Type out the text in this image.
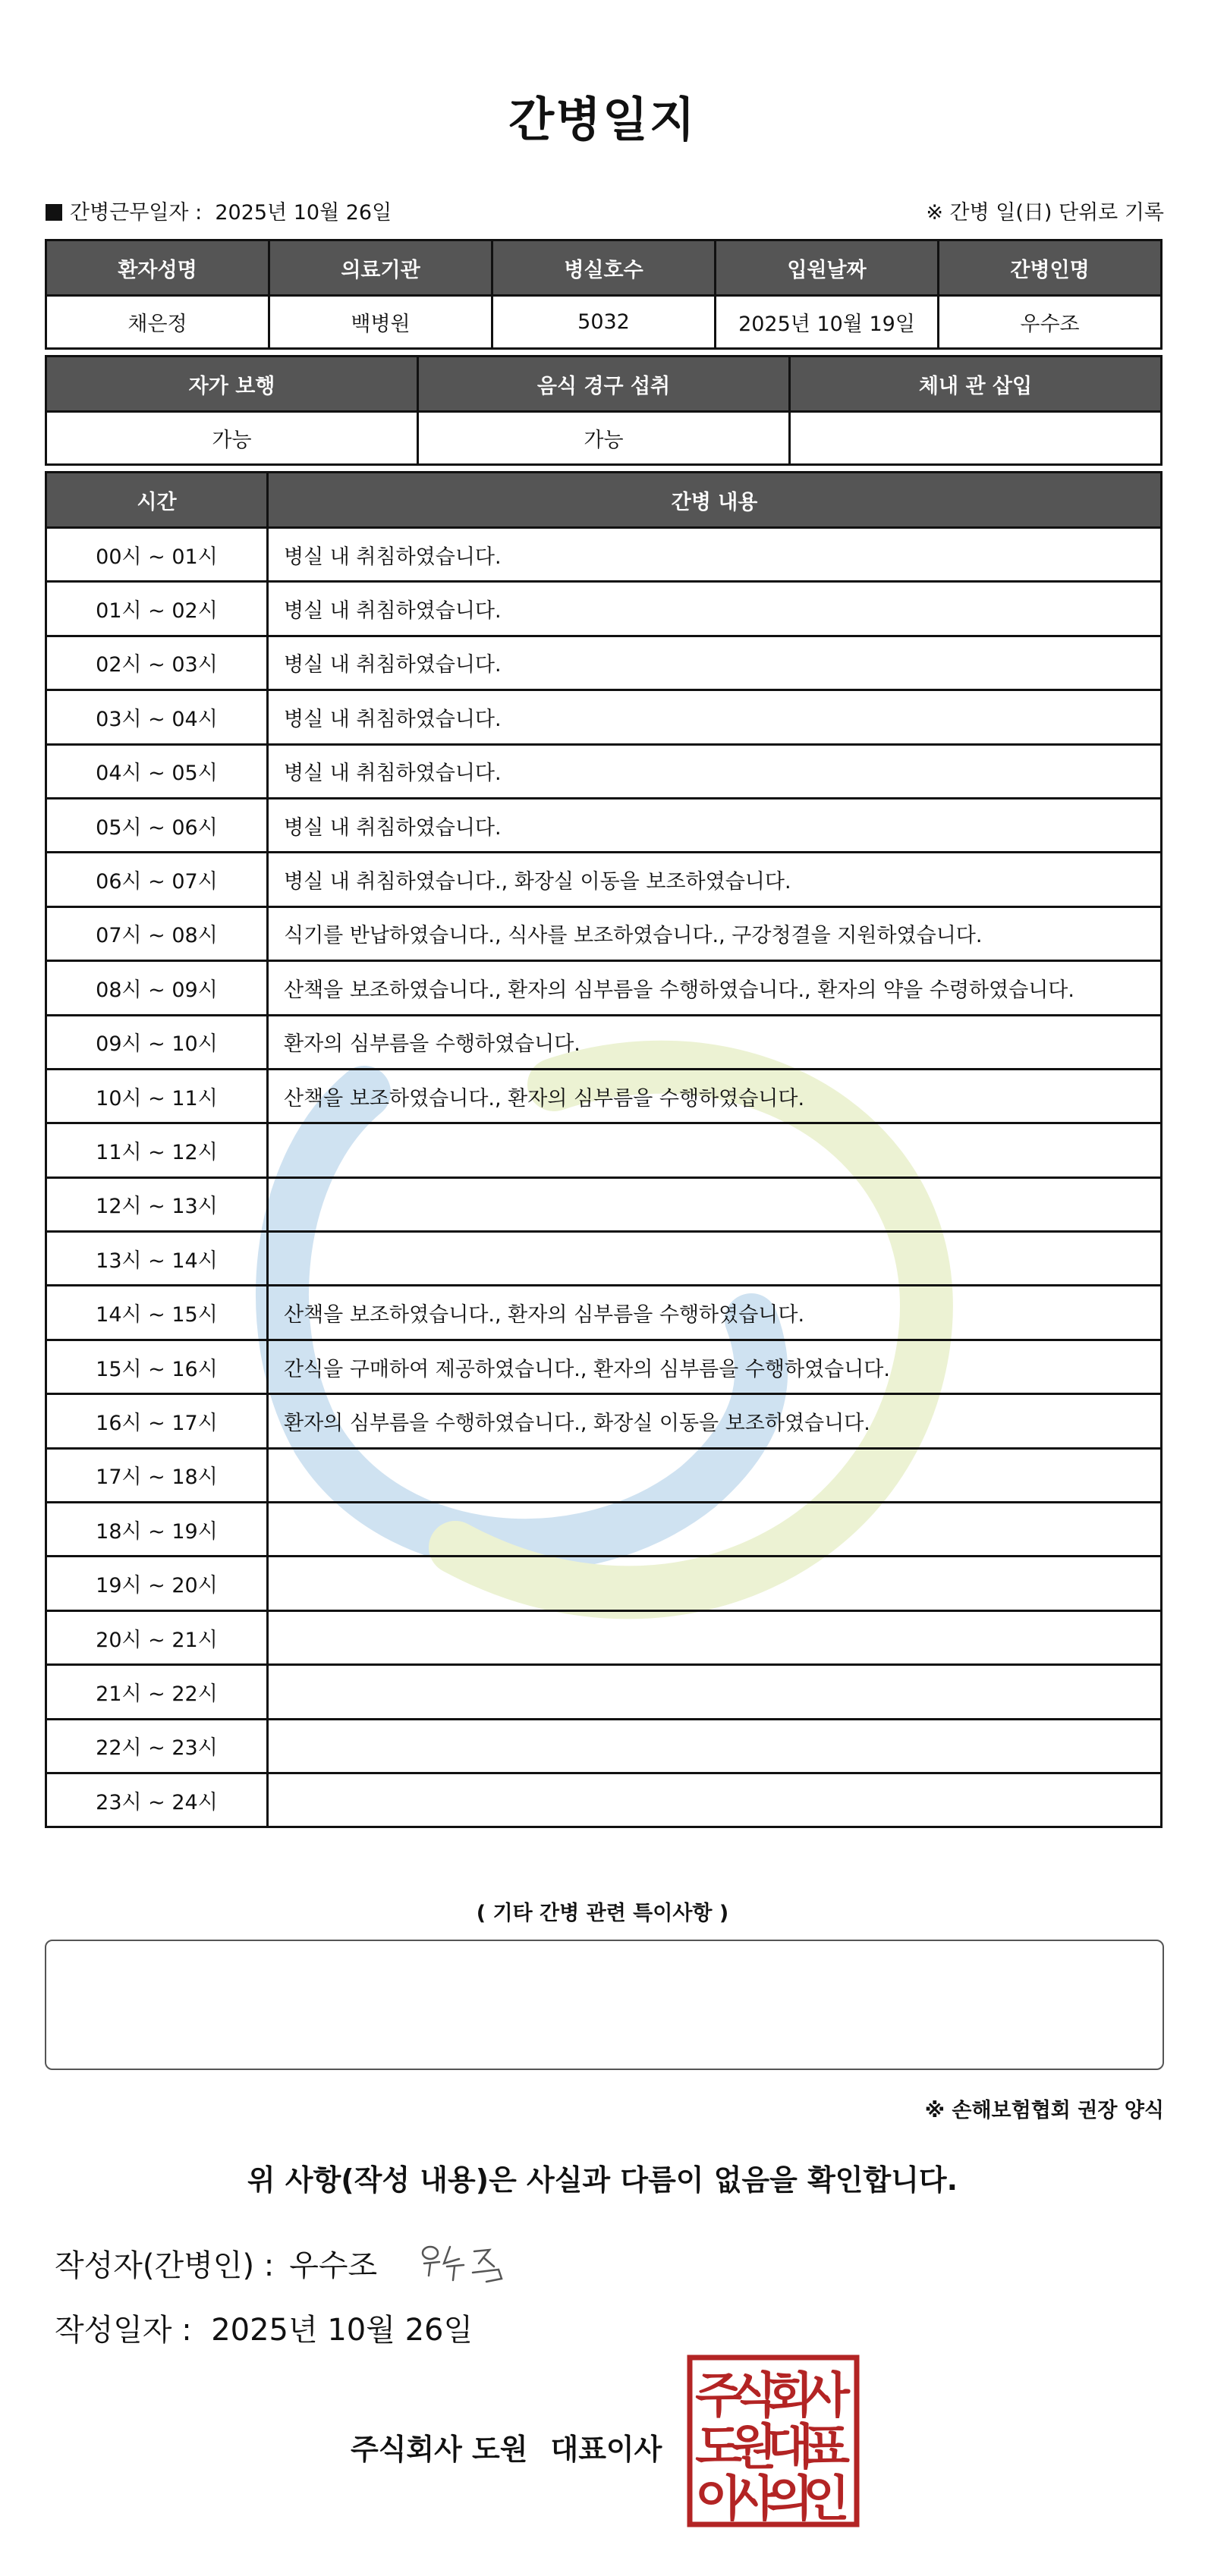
간병일지
간병근무일자 : 2025년 10월 26일	※ 간병 일(日) 단위로 기록
환자성명	의료기관	병실호수	입원날짜	간병인명
채은정	백병원	5032	2025년 10월 19일	우수조
자가 보행	음식 경구 섭취	체내 관 삽입
가능	가능	
시간	간병 내용
00시 ~ 01시	병실 내 취침하였습니다.
01시 ~ 02시	병실 내 취침하였습니다.
02시 ~ 03시	병실 내 취침하였습니다.
03시 ~ 04시	병실 내 취침하였습니다.
04시 ~ 05시	병실 내 취침하였습니다.
05시 ~ 06시	병실 내 취침하였습니다.
06시 ~ 07시	병실 내 취침하였습니다., 화장실 이동을 보조하였습니다.
07시 ~ 08시	식기를 반납하였습니다., 식사를 보조하였습니다., 구강청결을 지원하였습니다.
08시 ~ 09시	산책을 보조하였습니다., 환자의 심부름을 수행하였습니다., 환자의 약을 수령하였습니다.
09시 ~ 10시	환자의 심부름을 수행하였습니다.
10시 ~ 11시	산책을 보조하였습니다., 환자의 심부름을 수행하였습니다.
11시 ~ 12시	
12시 ~ 13시	
13시 ~ 14시	
14시 ~ 15시	산책을 보조하였습니다., 환자의 심부름을 수행하였습니다.
15시 ~ 16시	간식을 구매하여 제공하였습니다., 환자의 심부름을 수행하였습니다.
16시 ~ 17시	환자의 심부름을 수행하였습니다., 화장실 이동을 보조하였습니다.
17시 ~ 18시	
18시 ~ 19시	
19시 ~ 20시	
20시 ~ 21시	
21시 ~ 22시	
22시 ~ 23시	
23시 ~ 24시	
( 기타 간병 관련 특이사항 )
※ 손해보험협회 권장 양식
위 사항(작성 내용)은 사실과 다름이 없음을 확인합니다.
작성자(간병인) : 우수조
작성일자 : 2025년 10월 26일
주식회사 도원 대표이사
주
식
회
사
도
원
대
표
이
사
의
인
